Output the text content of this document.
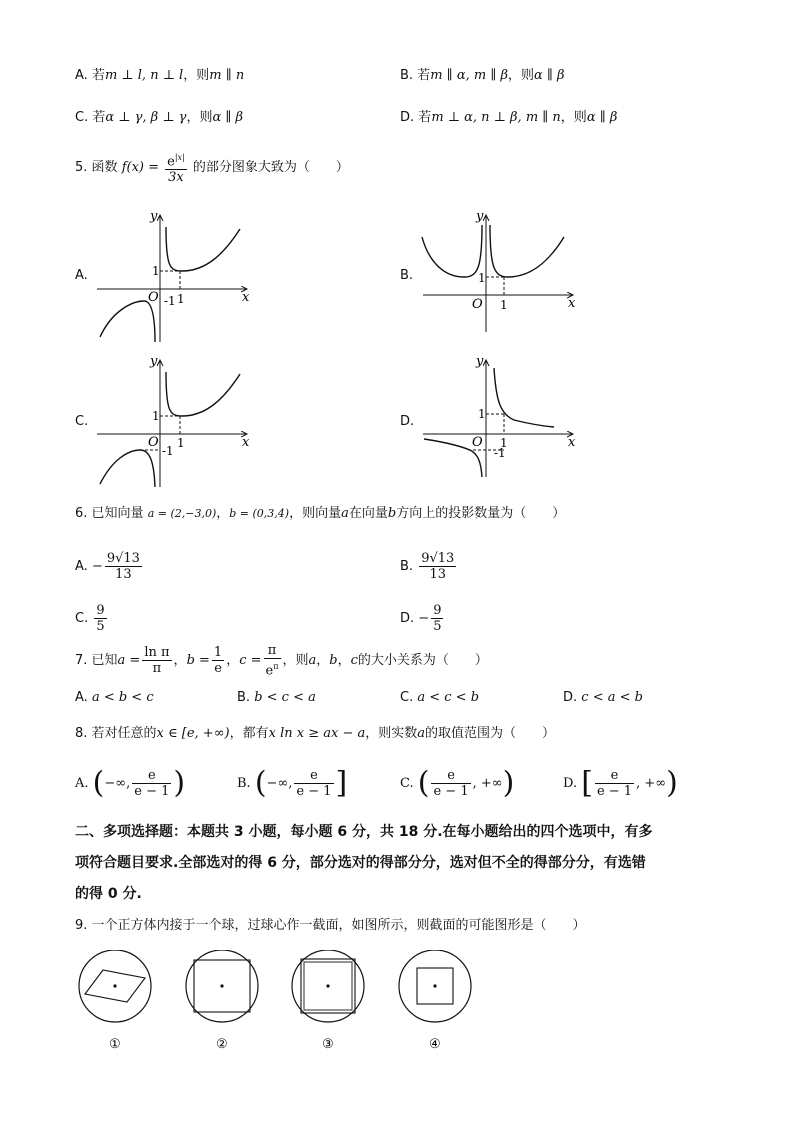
A. 若m ⊥ l, n ⊥ l，则m ∥ n	B. 若m ∥ α, m ∥ β，则α ∥ β
C. 若α ⊥ γ, β ⊥ γ，则α ∥ β	D. 若m ⊥ α, n ⊥ β, m ∥ n，则α ∥ β
5. 函数 $f(x) = \frac{e^{|x|}}{3x}$ 的部分图象大致为（　　）
A.	B.
C.	D.
x
y
O
1
1
-1	x
y
O
1
1
x
y
O
1
1
-1
x
y
O
1
1
-1
6. 已知向量 a = (2,−3,0)，b = (0,3,4)，则向量a在向量b方向上的投影数量为（　　）
A. − $\frac{9√13}{13}$	B. $\frac{9√13}{13}$
C. $\frac{9}{5}$	D. − $\frac{9}{5}$
7. 已知$a = \frac{\text{ln π}}{\pi}$ ，$b = \frac{1}{e}$ ，$c = \frac{\pi}{e^\pi}$ ，则a，b，c的大小关系为（　　）
A. a < b < c	B. b < c < a	C. a < c < b	D. c < a < b
8. 若对任意的x ∈ [e, +∞)，都有x ln x ≥ ax − a，则实数a的取值范围为（　　）
A. (−∞, $\frac{e}{e - 1}$ )	B. (−∞, $\frac{e}{e - 1}$ ]	C. ( $\frac{e}{e - 1}$ , +∞)	D. [ $\frac{e}{e - 1}$ , +∞)
二、多项选择题：本题共 3 小题，每小题 6 分，共 18 分.在每小题给出的四个选项中，有多
项符合题目要求.全部选对的得 6 分，部分选对的得部分分，选对但不全的得部分分，有选错
的得 0 分.
9. 一个正方体内接于一个球，过球心作一截面，如图所示，则截面的可能图形是（　　）
①	②	③	④
